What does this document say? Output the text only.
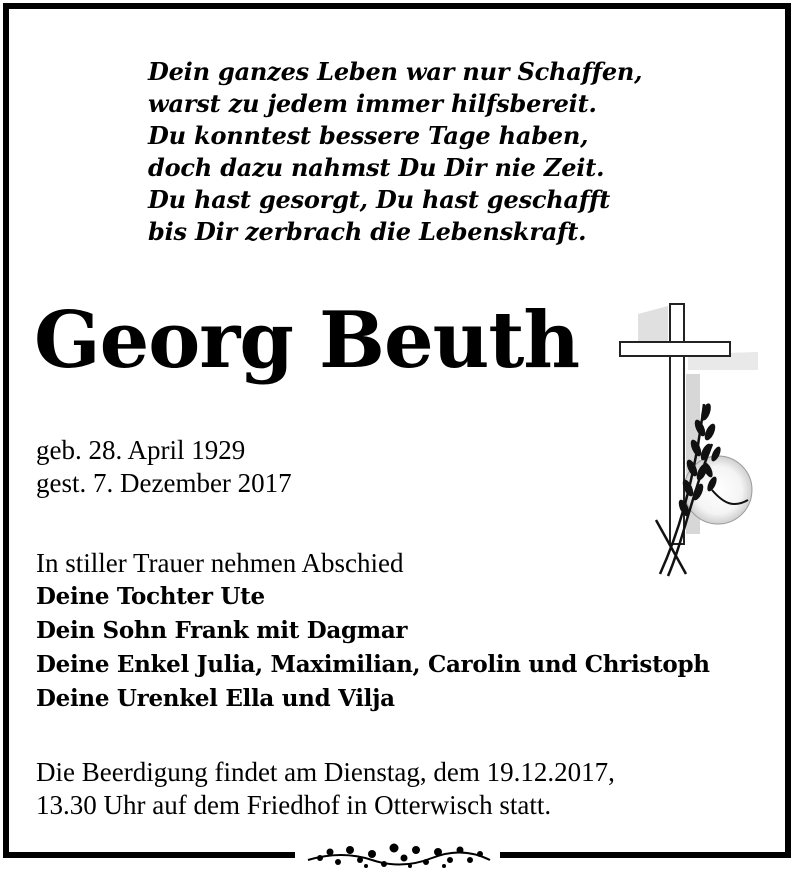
Dein ganzes Leben war nur Schaffen,
warst zu jedem immer hilfsbereit.
Du konntest bessere Tage haben,
doch dazu nahmst Du Dir nie Zeit.
Du hast gesorgt, Du hast geschafft
bis Dir zerbrach die Lebenskraft.
Georg Beuth
geb. 28. April 1929
gest. 7. Dezember 2017
In stiller Trauer nehmen Abschied
Deine Tochter Ute
Dein Sohn Frank mit Dagmar
Deine Enkel Julia, Maximilian, Carolin und Christoph
Deine Urenkel Ella und Vilja
Die Beerdigung findet am Dienstag, dem 19.12.2017,
13.30 Uhr auf dem Friedhof in Otterwisch statt.
